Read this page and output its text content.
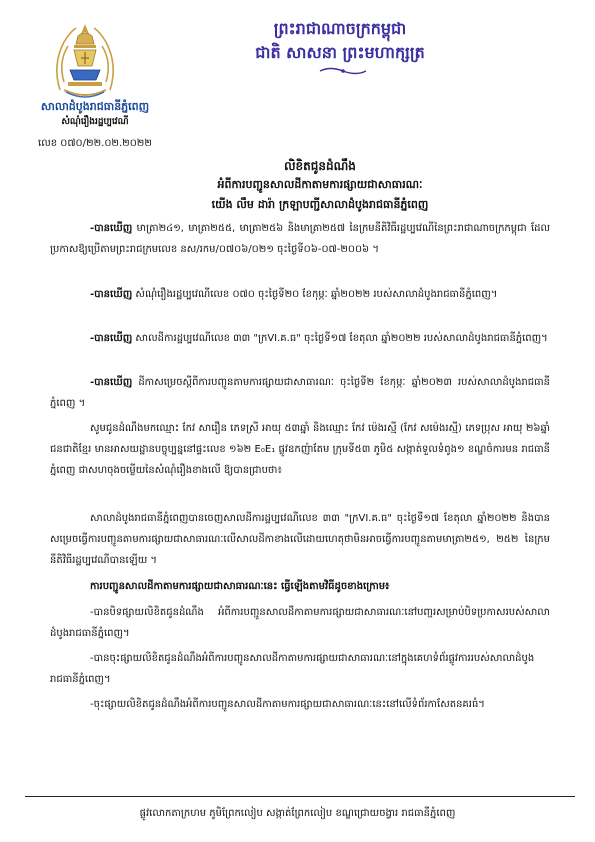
ព្រះរាជាណាចក្រកម្ពុជា
ជាតិ សាសនា ព្រះមហាក្សត្រ
សាលាដំបូងរាជធានីភ្នំពេញ
សំណុំរឿងរដ្ឋប្បវេណី
លេខ ០៧០/២២.០២.២០២២
លិខិតជូនដំណឹង
អំពីការបញ្ជូនសាលដីកាតាមការផ្សាយជាសាធារណៈ
យើង លឹម ដារ៉ា ក្រឡាបញ្ជីសាលាដំបូងរាជធានីភ្នំពេញ
-បានឃើញ មាត្រា២៤១, មាត្រា២៥៥, មាត្រា២៥៦ និងមាត្រា២៥៧ នៃក្រមនីតិវិធីរដ្ឋប្បវេណីនៃព្រះរាជាណាចក្រកម្ពុជា ដែលប្រកាសឱ្យប្រើតាមព្រះរាជក្រមលេខ នស/រកម/០៧០៦/០២១ ចុះថ្ងៃទី០៦-០៧-២០០៦ ។
-បានឃើញ សំណុំរឿងរដ្ឋប្បវេណីលេខ ០៧០ ចុះថ្ងៃទី២០ ខែកុម្ភៈ ឆ្នាំ២០២២ របស់សាលាដំបូងរាជធានីភ្នំពេញ។
-បានឃើញ សាលដីការដ្ឋប្បវេណីលេខ ៣៣ "ក្រVI.គ.ធ" ចុះថ្ងៃទី១៧ ខែតុលា ឆ្នាំ២០២២ របស់សាលាដំបូងរាជធានីភ្នំពេញ។
-បានឃើញ ដីកាសម្រេចស្តីពីការបញ្ជូនតាមការផ្សាយជាសាធារណៈ ចុះថ្ងៃទី២ ខែកុម្ភៈ ឆ្នាំ២០២៣ របស់សាលាដំបូងរាជធានីភ្នំពេញ ។
សូមជូនដំណឹងមកឈ្មោះ កែវ សារឿន ភេទស្រី អាយុ ៥៣ឆ្នាំ និងឈ្មោះ កែវ ម៉េងរស្មី (កែវ សម៉េងរស្មី) ភេទប្រុស អាយុ ២៦ឆ្នាំ ជនជាតិខ្មែរ មានអាសយដ្ឋានបច្ចុប្បន្ននៅផ្ទះលេខ ១៦២ E₀E₁ ផ្លូវឧកញ៉ាតែម ក្រុមទី៥៣ ភូមិ៥ សង្កាត់ទួលទំពូង១ ខណ្ឌចំការមន រាជធានីភ្នំពេញ ជាសហចុងចម្លើយនៃសំណុំរឿងខាងលើ ឱ្យបានជ្រាបថា៖
សាលាដំបូងរាជធានីភ្នំពេញបានចេញសាលដីការដ្ឋប្បវេណីលេខ ៣៣ "ក្រVI.គ.ធ" ចុះថ្ងៃទី១៧ ខែតុលា ឆ្នាំ២០២២ និងបានសម្រេចធ្វើការបញ្ជូនតាមការផ្សាយជាសាធារណៈលើសាលដីកាខាងលើដោយហេតុថាមិនអាចធ្វើការបញ្ជូនតាមមាត្រា២៥១, ២៥២ នៃក្រមនីតិវិធីរដ្ឋប្បវេណីបានឡើយ ។
ការបញ្ជូនសាលដីកាតាមការផ្សាយជាសាធារណៈនេះ ធ្វើឡើងតាមវិធីដូចខាងក្រោម៖
-បានបិទផ្សាយលិខិតជូនដំណឹង អំពីការបញ្ជូនសាលដីកាតាមការផ្សាយជាសាធារណៈនៅបញ្ជរសម្រាប់បិទប្រកាសរបស់សាលាដំបូងរាជធានីភ្នំពេញ។
-បានចុះផ្សាយលិខិតជូនដំណឹងអំពីការបញ្ជូនសាលដីកាតាមការផ្សាយជាសាធារណៈនៅក្នុងគេហទំព័រផ្លូវការរបស់សាលាដំបូងរាជធានីភ្នំពេញ។
-ចុះផ្សាយលិខិតជូនដំណឹងអំពីការបញ្ជូនសាលដីកាតាមការផ្សាយជាសាធារណៈនេះនៅលើទំព័រកាសែតនគរធំ។
ផ្លូវលោកតាក្រហម ភូមិព្រែកលៀប សង្កាត់ព្រែកលៀប ខណ្ឌជ្រោយចង្វារ រាជធានីភ្នំពេញ
